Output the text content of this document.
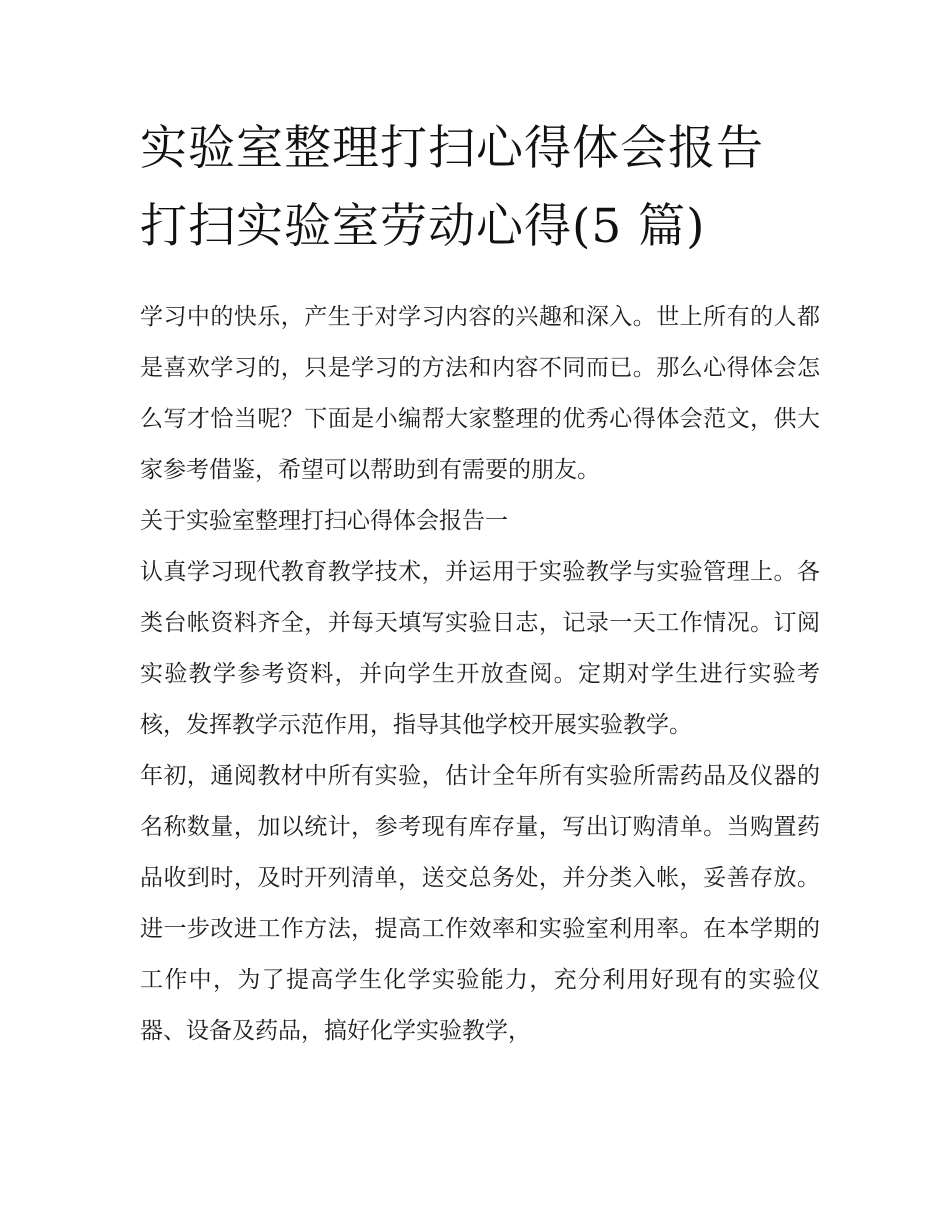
实验室整理打扫心得体会报告
打扫实验室劳动心得(5 篇)

学习中的快乐，产生于对学习内容的兴趣和深入。世上所有的人都是喜欢学习的，只是学习的方法和内容不同而已。那么心得体会怎么写才恰当呢？下面是小编帮大家整理的优秀心得体会范文，供大家参考借鉴，希望可以帮助到有需要的朋友。

关于实验室整理打扫心得体会报告一

认真学习现代教育教学技术，并运用于实验教学与实验管理上。各类台帐资料齐全，并每天填写实验日志，记录一天工作情况。订阅实验教学参考资料，并向学生开放查阅。定期对学生进行实验考核，发挥教学示范作用，指导其他学校开展实验教学。

年初，通阅教材中所有实验，估计全年所有实验所需药品及仪器的名称数量，加以统计，参考现有库存量，写出订购清单。当购置药品收到时，及时开列清单，送交总务处，并分类入帐，妥善存放。进一步改进工作方法，提高工作效率和实验室利用率。在本学期的工作中，为了提高学生化学实验能力，充分利用好现有的实验仪器、设备及药品，搞好化学实验教学，
